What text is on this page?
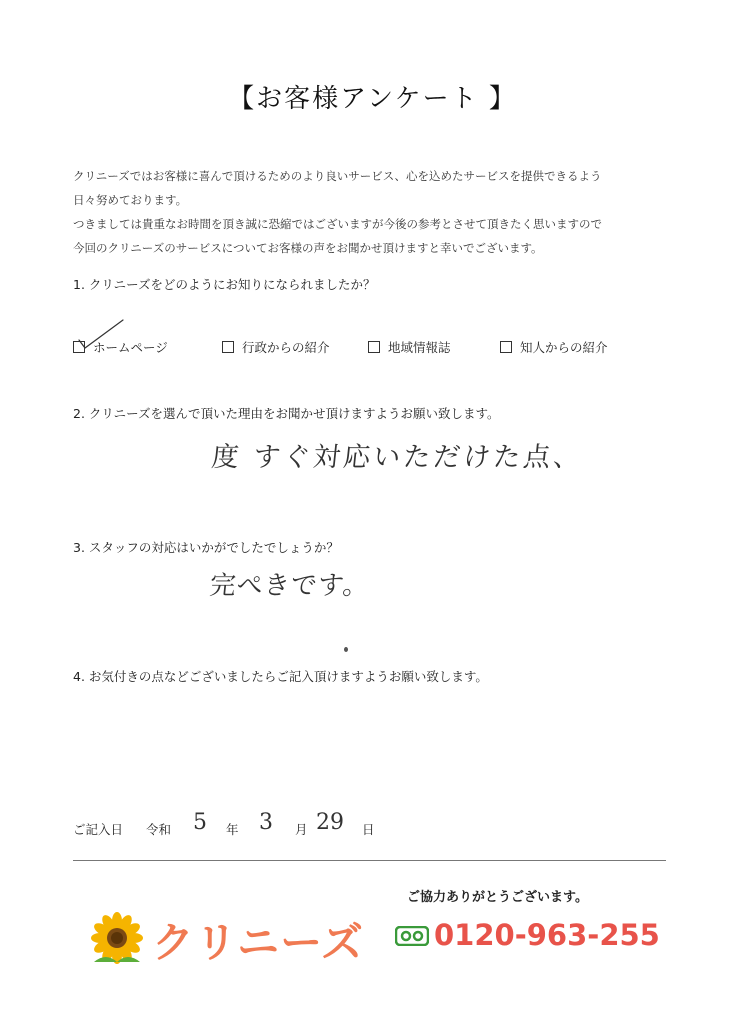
【お客様アンケート 】
クリニーズではお客様に喜んで頂けるためのより良いサービス、心を込めたサービスを提供できるよう
日々努めております。
つきましては貴重なお時間を頂き誠に恐縮ではございますが今後の参考とさせて頂きたく思いますので
今回のクリニーズのサービスについてお客様の声をお聞かせ頂けますと幸いでございます。
1. クリニーズをどのようにお知りになられましたか？
ホームページ	行政からの紹介	地域情報誌	知人からの紹介
2. クリニーズを選んで頂いた理由をお聞かせ頂けますようお願い致します。
度 すぐ対応いただけた点、
3. スタッフの対応はいかがでしたでしょうか？
完ぺきです。
4. お気付きの点などございましたらご記入頂けますようお願い致します。
ご記入日 令和 5 年 3 月 29 日
ご協力ありがとうございます。
クリニーズ 0120-963-255
